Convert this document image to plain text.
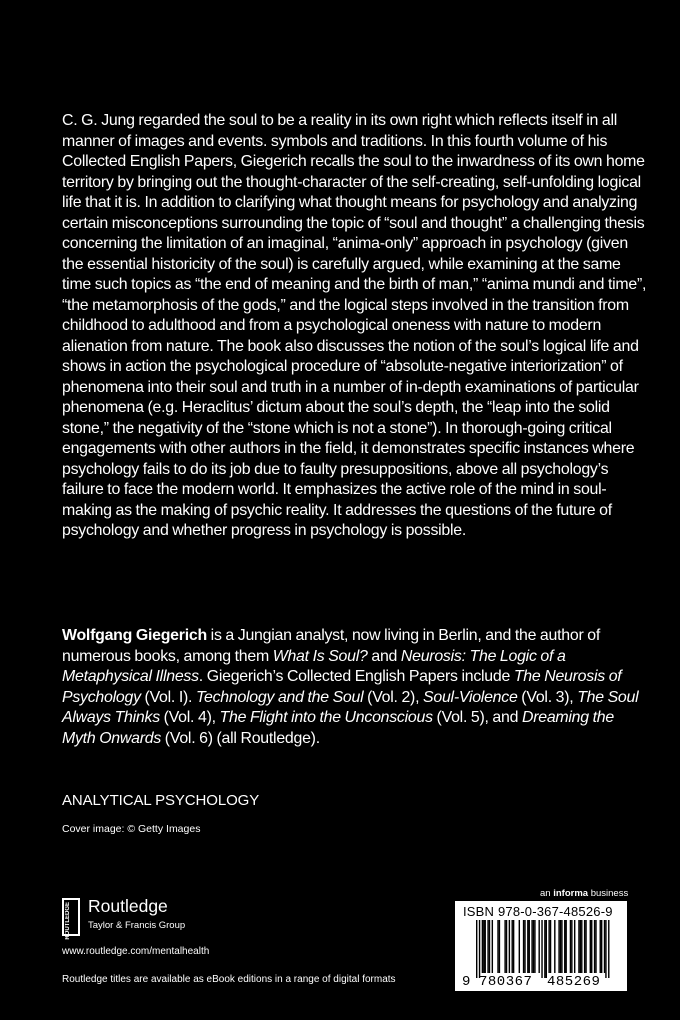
C. G. Jung regarded the soul to be a reality in its own right which reflects itself in all manner of images and events. symbols and traditions. In this fourth volume of his Collected English Papers, Giegerich recalls the soul to the inwardness of its own home territory by bringing out the thought-character of the self-creating, self-unfolding logical life that it is. In addition to clarifying what thought means for psychology and analyzing certain misconceptions surrounding the topic of “soul and thought” a challenging thesis concerning the limitation of an imaginal, “anima-only” approach in psychology (given the essential historicity of the soul) is carefully argued, while examining at the same time such topics as “the end of meaning and the birth of man,” “anima mundi and time”, “the metamorphosis of the gods,” and the logical steps involved in the transition from childhood to adulthood and from a psychological oneness with nature to modern alienation from nature. The book also discusses the notion of the soul’s logical life and shows in action the psychological procedure of “absolute-negative interiorization” of phenomena into their soul and truth in a number of in-depth examinations of particular phenomena (e.g. Heraclitus’ dictum about the soul’s depth, the “leap into the solid stone,” the negativity of the “stone which is not a stone”). In thorough-going critical engagements with other authors in the field, it demonstrates specific instances where psychology fails to do its job due to faulty presuppositions, above all psychology’s failure to face the modern world. It emphasizes the active role of the mind in soul-making as the making of psychic reality. It addresses the questions of the future of psychology and whether progress in psychology is possible.

Wolfgang Giegerich is a Jungian analyst, now living in Berlin, and the author of numerous books, among them What Is Soul? and Neurosis: The Logic of a Metaphysical Illness. Giegerich’s Collected English Papers include The Neurosis of Psychology (Vol. I). Technology and the Soul (Vol. 2), Soul-Violence (Vol. 3), The Soul Always Thinks (Vol. 4), The Flight into the Unconscious (Vol. 5), and Dreaming the Myth Onwards (Vol. 6) (all Routledge).

ANALYTICAL PSYCHOLOGY
Cover image: © Getty Images
ROUTLEDGE Routledge
Taylor & Francis Group
www.routledge.com/mentalhealth
Routledge titles are available as eBook editions in a range of digital formats
an informa business
ISBN 978-0-367-48526-9
9 780367 485269
